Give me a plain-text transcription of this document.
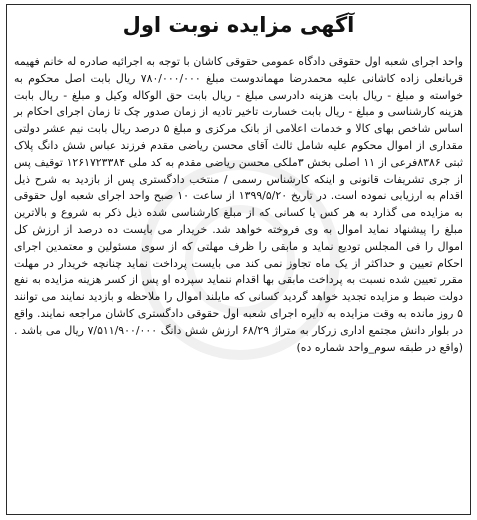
آگهی مزایده نوبت اول
واحد اجرای شعبه اول حقوقی دادگاه عمومی حقوقی کاشان با توجه به اجرائیه صادره له خانم فهیمه قربانعلی زاده کاشانی علیه محمدرضا مهماندوست مبلغ ۷۸۰/۰۰۰/۰۰۰ ریال بابت اصل محکوم به خواسته و مبلغ - ریال بابت هزینه دادرسی مبلغ - ریال بابت حق الوکاله وکیل و مبلغ - ریال بابت هزینه کارشناسی و مبلغ - ریال بابت خسارت تاخیر تادیه از زمان صدور چک تا زمان اجرای احکام بر اساس شاخص بهای کالا و خدمات اعلامی از بانک مرکزی و مبلغ ۵ درصد ریال بابت نیم عشر دولتی مقداری از اموال محکوم علیه شامل ثالث آقای محسن ریاضی مقدم فرزند عباس شش دانگ پلاک ثبتی ۸۳۸۶فرعی از ۱۱ اصلی بخش ۳ملکی محسن ریاضی مقدم به کد ملی ۱۲۶۱۷۲۳۳۸۴ توقیف پس از جری تشریفات قانونی و اینکه کارشناس رسمی / منتخب دادگستری پس از بازدید به شرح ذیل اقدام به ارزیابی نموده است. در تاریخ ۱۳۹۹/۵/۲۰ از ساعت ۱۰ صبح واحد اجرای شعبه اول حقوقی به مزایده می گذارد به هر کس یا کسانی که از مبلغ کارشناسی شده ذیل ذکر به شروع و بالاترین مبلغ را پیشنهاد نماید اموال به وی فروخته خواهد شد. خریدار می بایست ده درصد از ارزش کل اموال را فی المجلس تودیع نماید و مابقی را ظرف مهلتی که از سوی مسئولین و معتمدین اجرای احکام تعیین و حداکثر از یک ماه تجاوز نمی کند می بایست پرداخت نماید چنانچه خریدار در مهلت مقرر تعیین شده نسبت به پرداخت مابقی بها اقدام ننماید سپرده او پس از کسر هزینه مزایده به نفع دولت ضبط و مزایده تجدید خواهد گردید کسانی که مایلند اموال را ملاحظه و بازدید نمایند می توانند ۵ روز مانده به وقت مزایده به دایره اجرای شعبه اول حقوقی دادگستری کاشان مراجعه نمایند. واقع در بلوار دانش مجتمع اداری زرکار به متراژ ۶۸/۲۹ ارزش شش دانگ ۷/۵۱۱/۹۰۰/۰۰۰ ریال می باشد . (واقع در طبقه سوم_واحد شماره ده)
